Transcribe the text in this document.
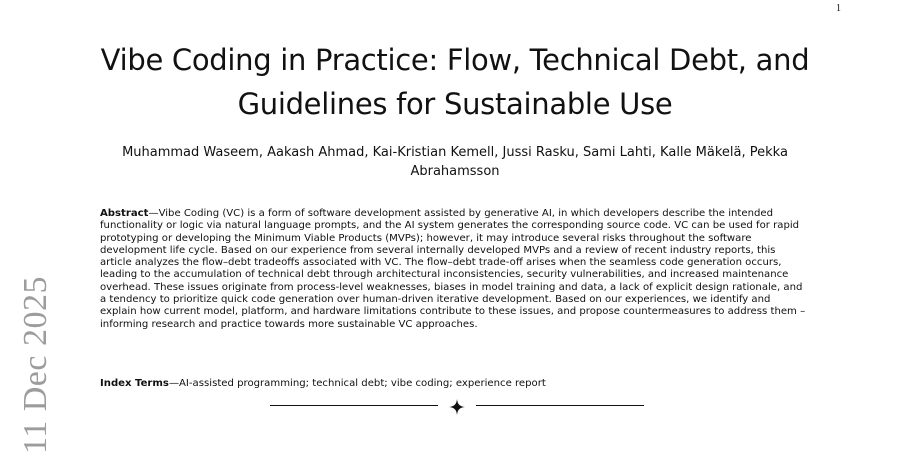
1
11 Dec 2025
Vibe Coding in Practice: Flow, Technical Debt, and Guidelines for Sustainable Use

Muhammad Waseem, Aakash Ahmad, Kai-Kristian Kemell, Jussi Rasku, Sami Lahti, Kalle Mäkelä, Pekka Abrahamsson

Abstract—Vibe Coding (VC) is a form of software development assisted by generative AI, in which developers describe the intended functionality or logic via natural language prompts, and the AI system generates the corresponding source code. VC can be used for rapid prototyping or developing the Minimum Viable Products (MVPs); however, it may introduce several risks throughout the software development life cycle. Based on our experience from several internally developed MVPs and a review of recent industry reports, this article analyzes the flow–debt tradeoffs associated with VC. The flow–debt trade-off arises when the seamless code generation occurs, leading to the accumulation of technical debt through architectural inconsistencies, security vulnerabilities, and increased maintenance overhead. These issues originate from process-level weaknesses, biases in model training and data, a lack of explicit design rationale, and a tendency to prioritize quick code generation over human-driven iterative development. Based on our experiences, we identify and explain how current model, platform, and hardware limitations contribute to these issues, and propose countermeasures to address them – informing research and practice towards more sustainable VC approaches.

Index Terms—AI-assisted programming; technical debt; vibe coding; experience report
